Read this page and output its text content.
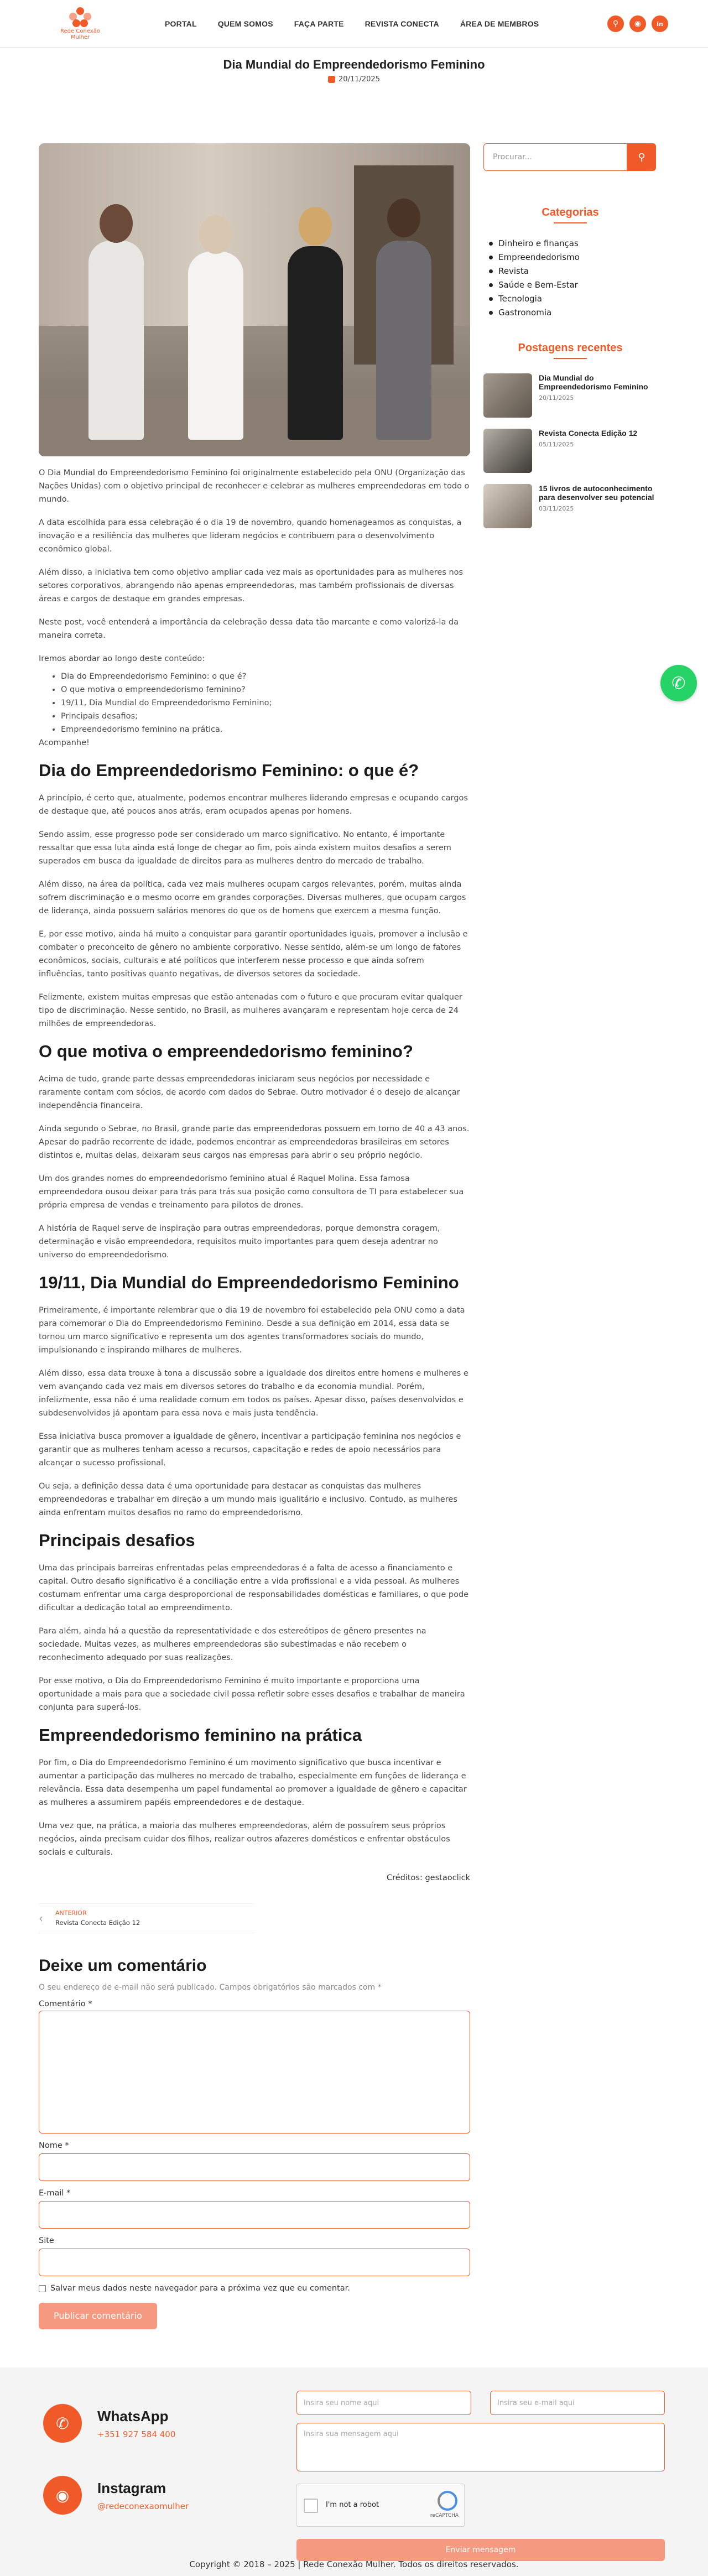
Rede Conexão
Mulher
PORTAL	QUEM SOMOS	FAÇA PARTE	REVISTA CONECTA	ÁREA DE MEMBROS	⚲	◉	in
Dia Mundial do Empreendedorismo Feminino
20/11/2025

O Dia Mundial do Empreendedorismo Feminino foi originalmente estabelecido pela ONU (Organização das Nações Unidas) com o objetivo principal de reconhecer e celebrar as mulheres empreendedoras em todo o mundo.

A data escolhida para essa celebração é o dia 19 de novembro, quando homenageamos as conquistas, a inovação e a resiliência das mulheres que lideram negócios e contribuem para o desenvolvimento econômico global.

Além disso, a iniciativa tem como objetivo ampliar cada vez mais as oportunidades para as mulheres nos setores corporativos, abrangendo não apenas empreendedoras, mas também profissionais de diversas áreas e cargos de destaque em grandes empresas.

Neste post, você entenderá a importância da celebração dessa data tão marcante e como valorizá-la da maneira correta.

Iremos abordar ao longo deste conteúdo:

• Dia do Empreendedorismo Feminino: o que é?
• O que motiva o empreendedorismo feminino?
• 19/11, Dia Mundial do Empreendedorismo Feminino;
• Principais desafios;
• Empreendedorismo feminino na prática.

Acompanhe!

Dia do Empreendedorismo Feminino: o que é?

A princípio, é certo que, atualmente, podemos encontrar mulheres liderando empresas e ocupando cargos de destaque que, até poucos anos atrás, eram ocupados apenas por homens.

Sendo assim, esse progresso pode ser considerado um marco significativo. No entanto, é importante ressaltar que essa luta ainda está longe de chegar ao fim, pois ainda existem muitos desafios a serem superados em busca da igualdade de direitos para as mulheres dentro do mercado de trabalho.

Além disso, na área da política, cada vez mais mulheres ocupam cargos relevantes, porém, muitas ainda sofrem discriminação e o mesmo ocorre em grandes corporações. Diversas mulheres, que ocupam cargos de liderança, ainda possuem salários menores do que os de homens que exercem a mesma função.

E, por esse motivo, ainda há muito a conquistar para garantir oportunidades iguais, promover a inclusão e combater o preconceito de gênero no ambiente corporativo. Nesse sentido, além-se um longo de fatores econômicos, sociais, culturais e até políticos que interferem nesse processo e que ainda sofrem influências, tanto positivas quanto negativas, de diversos setores da sociedade.

Felizmente, existem muitas empresas que estão antenadas com o futuro e que procuram evitar qualquer tipo de discriminação. Nesse sentido, no Brasil, as mulheres avançaram e representam hoje cerca de 24 milhões de empreendedoras.

O que motiva o empreendedorismo feminino?

Acima de tudo, grande parte dessas empreendedoras iniciaram seus negócios por necessidade e raramente contam com sócios, de acordo com dados do Sebrae. Outro motivador é o desejo de alcançar independência financeira.

Ainda segundo o Sebrae, no Brasil, grande parte das empreendedoras possuem em torno de 40 a 43 anos. Apesar do padrão recorrente de idade, podemos encontrar as empreendedoras brasileiras em setores distintos e, muitas delas, deixaram seus cargos nas empresas para abrir o seu próprio negócio.

Um dos grandes nomes do empreendedorismo feminino atual é Raquel Molina. Essa famosa empreendedora ousou deixar para trás para trás sua posição como consultora de TI para estabelecer sua própria empresa de vendas e treinamento para pilotos de drones.

A história de Raquel serve de inspiração para outras empreendedoras, porque demonstra coragem, determinação e visão empreendedora, requisitos muito importantes para quem deseja adentrar no universo do empreendedorismo.

19/11, Dia Mundial do Empreendedorismo Feminino

Primeiramente, é importante relembrar que o dia 19 de novembro foi estabelecido pela ONU como a data para comemorar o Dia do Empreendedorismo Feminino. Desde a sua definição em 2014, essa data se tornou um marco significativo e representa um dos agentes transformadores sociais do mundo, impulsionando e inspirando milhares de mulheres.

Além disso, essa data trouxe à tona a discussão sobre a igualdade dos direitos entre homens e mulheres e vem avançando cada vez mais em diversos setores do trabalho e da economia mundial. Porém, infelizmente, essa não é uma realidade comum em todos os países. Apesar disso, países desenvolvidos e subdesenvolvidos já apontam para essa nova e mais justa tendência.

Essa iniciativa busca promover a igualdade de gênero, incentivar a participação feminina nos negócios e garantir que as mulheres tenham acesso a recursos, capacitação e redes de apoio necessários para alcançar o sucesso profissional.

Ou seja, a definição dessa data é uma oportunidade para destacar as conquistas das mulheres empreendedoras e trabalhar em direção a um mundo mais igualitário e inclusivo. Contudo, as mulheres ainda enfrentam muitos desafios no ramo do empreendedorismo.

Principais desafios

Uma das principais barreiras enfrentadas pelas empreendedoras é a falta de acesso a financiamento e capital. Outro desafio significativo é a conciliação entre a vida profissional e a vida pessoal. As mulheres costumam enfrentar uma carga desproporcional de responsabilidades domésticas e familiares, o que pode dificultar a dedicação total ao empreendimento.

Para além, ainda há a questão da representatividade e dos estereótipos de gênero presentes na sociedade. Muitas vezes, as mulheres empreendedoras são subestimadas e não recebem o reconhecimento adequado por suas realizações.

Por esse motivo, o Dia do Empreendedorismo Feminino é muito importante e proporciona uma oportunidade a mais para que a sociedade civil possa refletir sobre esses desafios e trabalhar de maneira conjunta para superá-los.

Empreendedorismo feminino na prática

Por fim, o Dia do Empreendedorismo Feminino é um movimento significativo que busca incentivar e aumentar a participação das mulheres no mercado de trabalho, especialmente em funções de liderança e relevância. Essa data desempenha um papel fundamental ao promover a igualdade de gênero e capacitar as mulheres a assumirem papéis empreendedores e de destaque.

Uma vez que, na prática, a maioria das mulheres empreendedoras, além de possuírem seus próprios negócios, ainda precisam cuidar dos filhos, realizar outros afazeres domésticos e enfrentar obstáculos sociais e culturais.

Créditos: gestaoclick
‹ ANTERIOR
Revista Conecta Edição 12
Deixe um comentário
O seu endereço de e-mail não será publicado. Campos obrigatórios são marcados com *
Comentário *
Nome *
E-mail *
Site
Salvar meus dados neste navegador para a próxima vez que eu comentar.
Publicar comentário
Procurar...	⚲
Categorias
Dinheiro e finanças
Empreendedorismo
Revista
Saúde e Bem-Estar
Tecnologia
Gastronomia
Postagens recentes
Dia Mundial do Empreendedorismo Feminino
20/11/2025
Revista Conecta Edição 12
05/11/2025
15 livros de autoconhecimento para desenvolver seu potencial
03/11/2025
✆
✆	WhatsApp
+351 927 584 400
◉	Instagram
@redeconexaomulher
Insira seu nome aqui	Insira seu e-mail aqui
Insira sua mensagem aqui
I'm not a robot
reCAPTCHA
Enviar mensagem
Copyright © 2018 – 2025 | Rede Conexão Mulher. Todos os direitos reservados.
